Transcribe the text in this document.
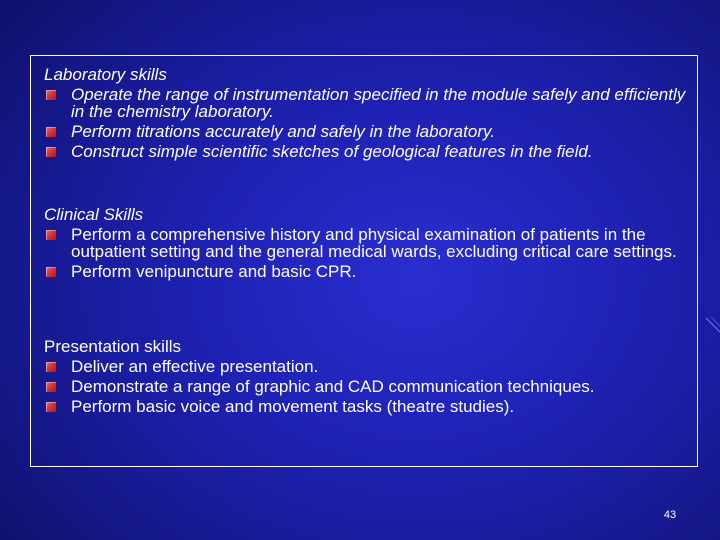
Laboratory skills
Operate the range of instrumentation specified in the module safely and efficiently in the chemistry laboratory.
Perform titrations accurately and safely in the laboratory.
Construct simple scientific sketches of geological features in the field.
Clinical Skills
Perform a comprehensive history and physical examination of patients in the outpatient setting and the general medical wards, excluding critical care settings.
Perform venipuncture and basic CPR.
Presentation skills
Deliver an effective presentation.
Demonstrate a range of graphic and CAD communication techniques.
Perform basic voice and movement tasks (theatre studies).
43
